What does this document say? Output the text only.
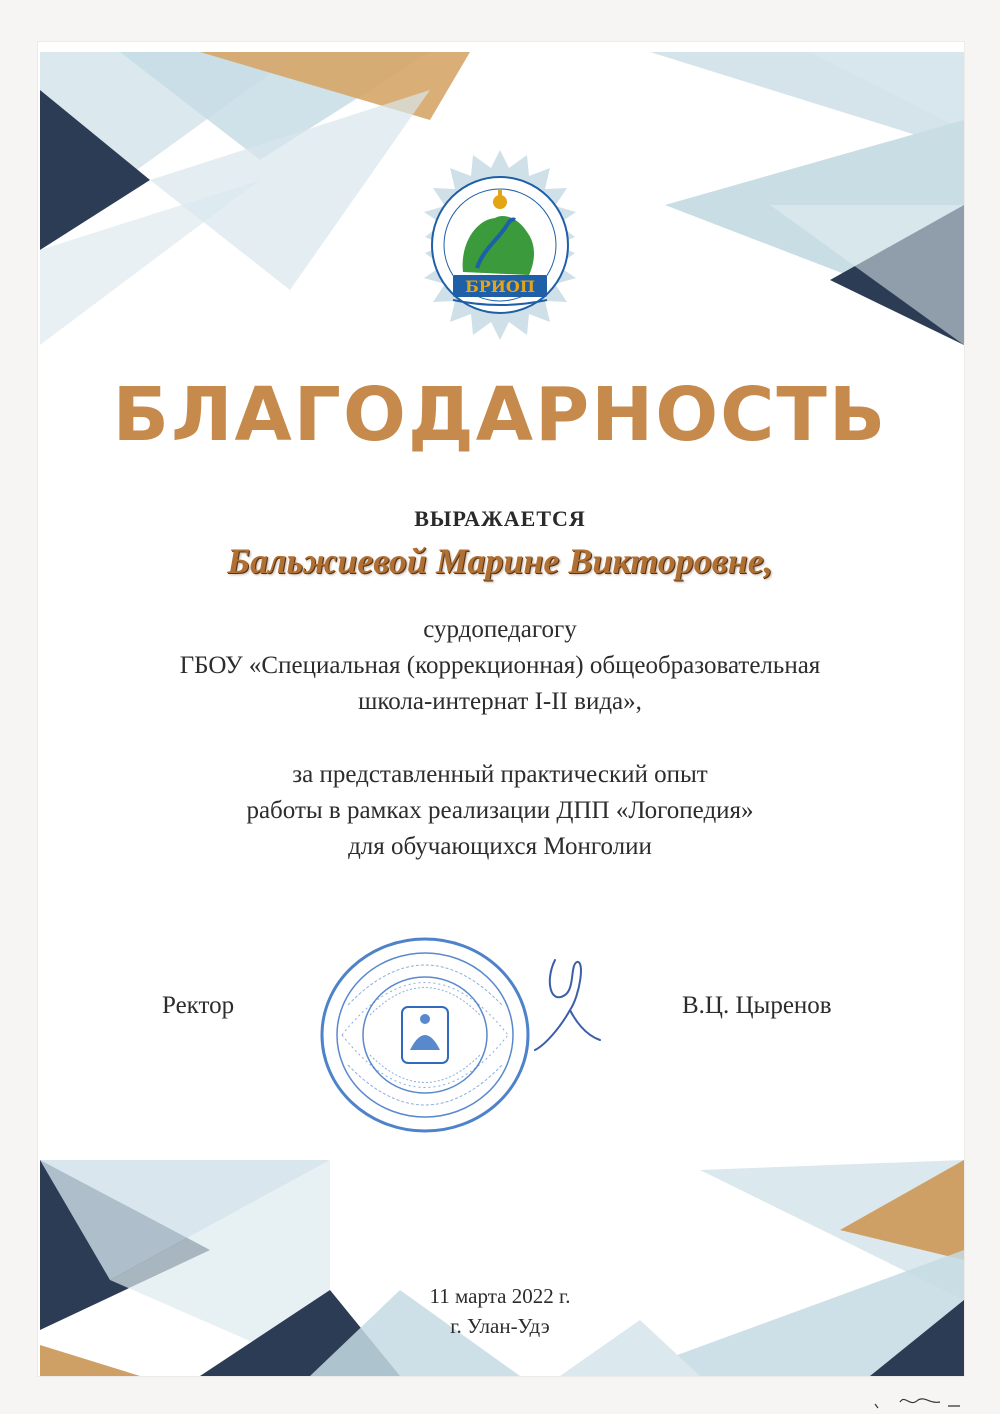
БРИОП
БЛАГОДАРНОСТЬ
ВЫРАЖАЕТСЯ
Бальжиевой Марине Викторовне,
сурдопедагогу
ГБОУ «Специальная (коррекционная) общеобразовательная
школа-интернат I-II вида»,
за представленный практический опыт
работы в рамках реализации ДПП «Логопедия»
для обучающихся Монголии
Ректор	В.Ц. Цыренов
11 марта 2022 г.
г. Улан-Удэ
